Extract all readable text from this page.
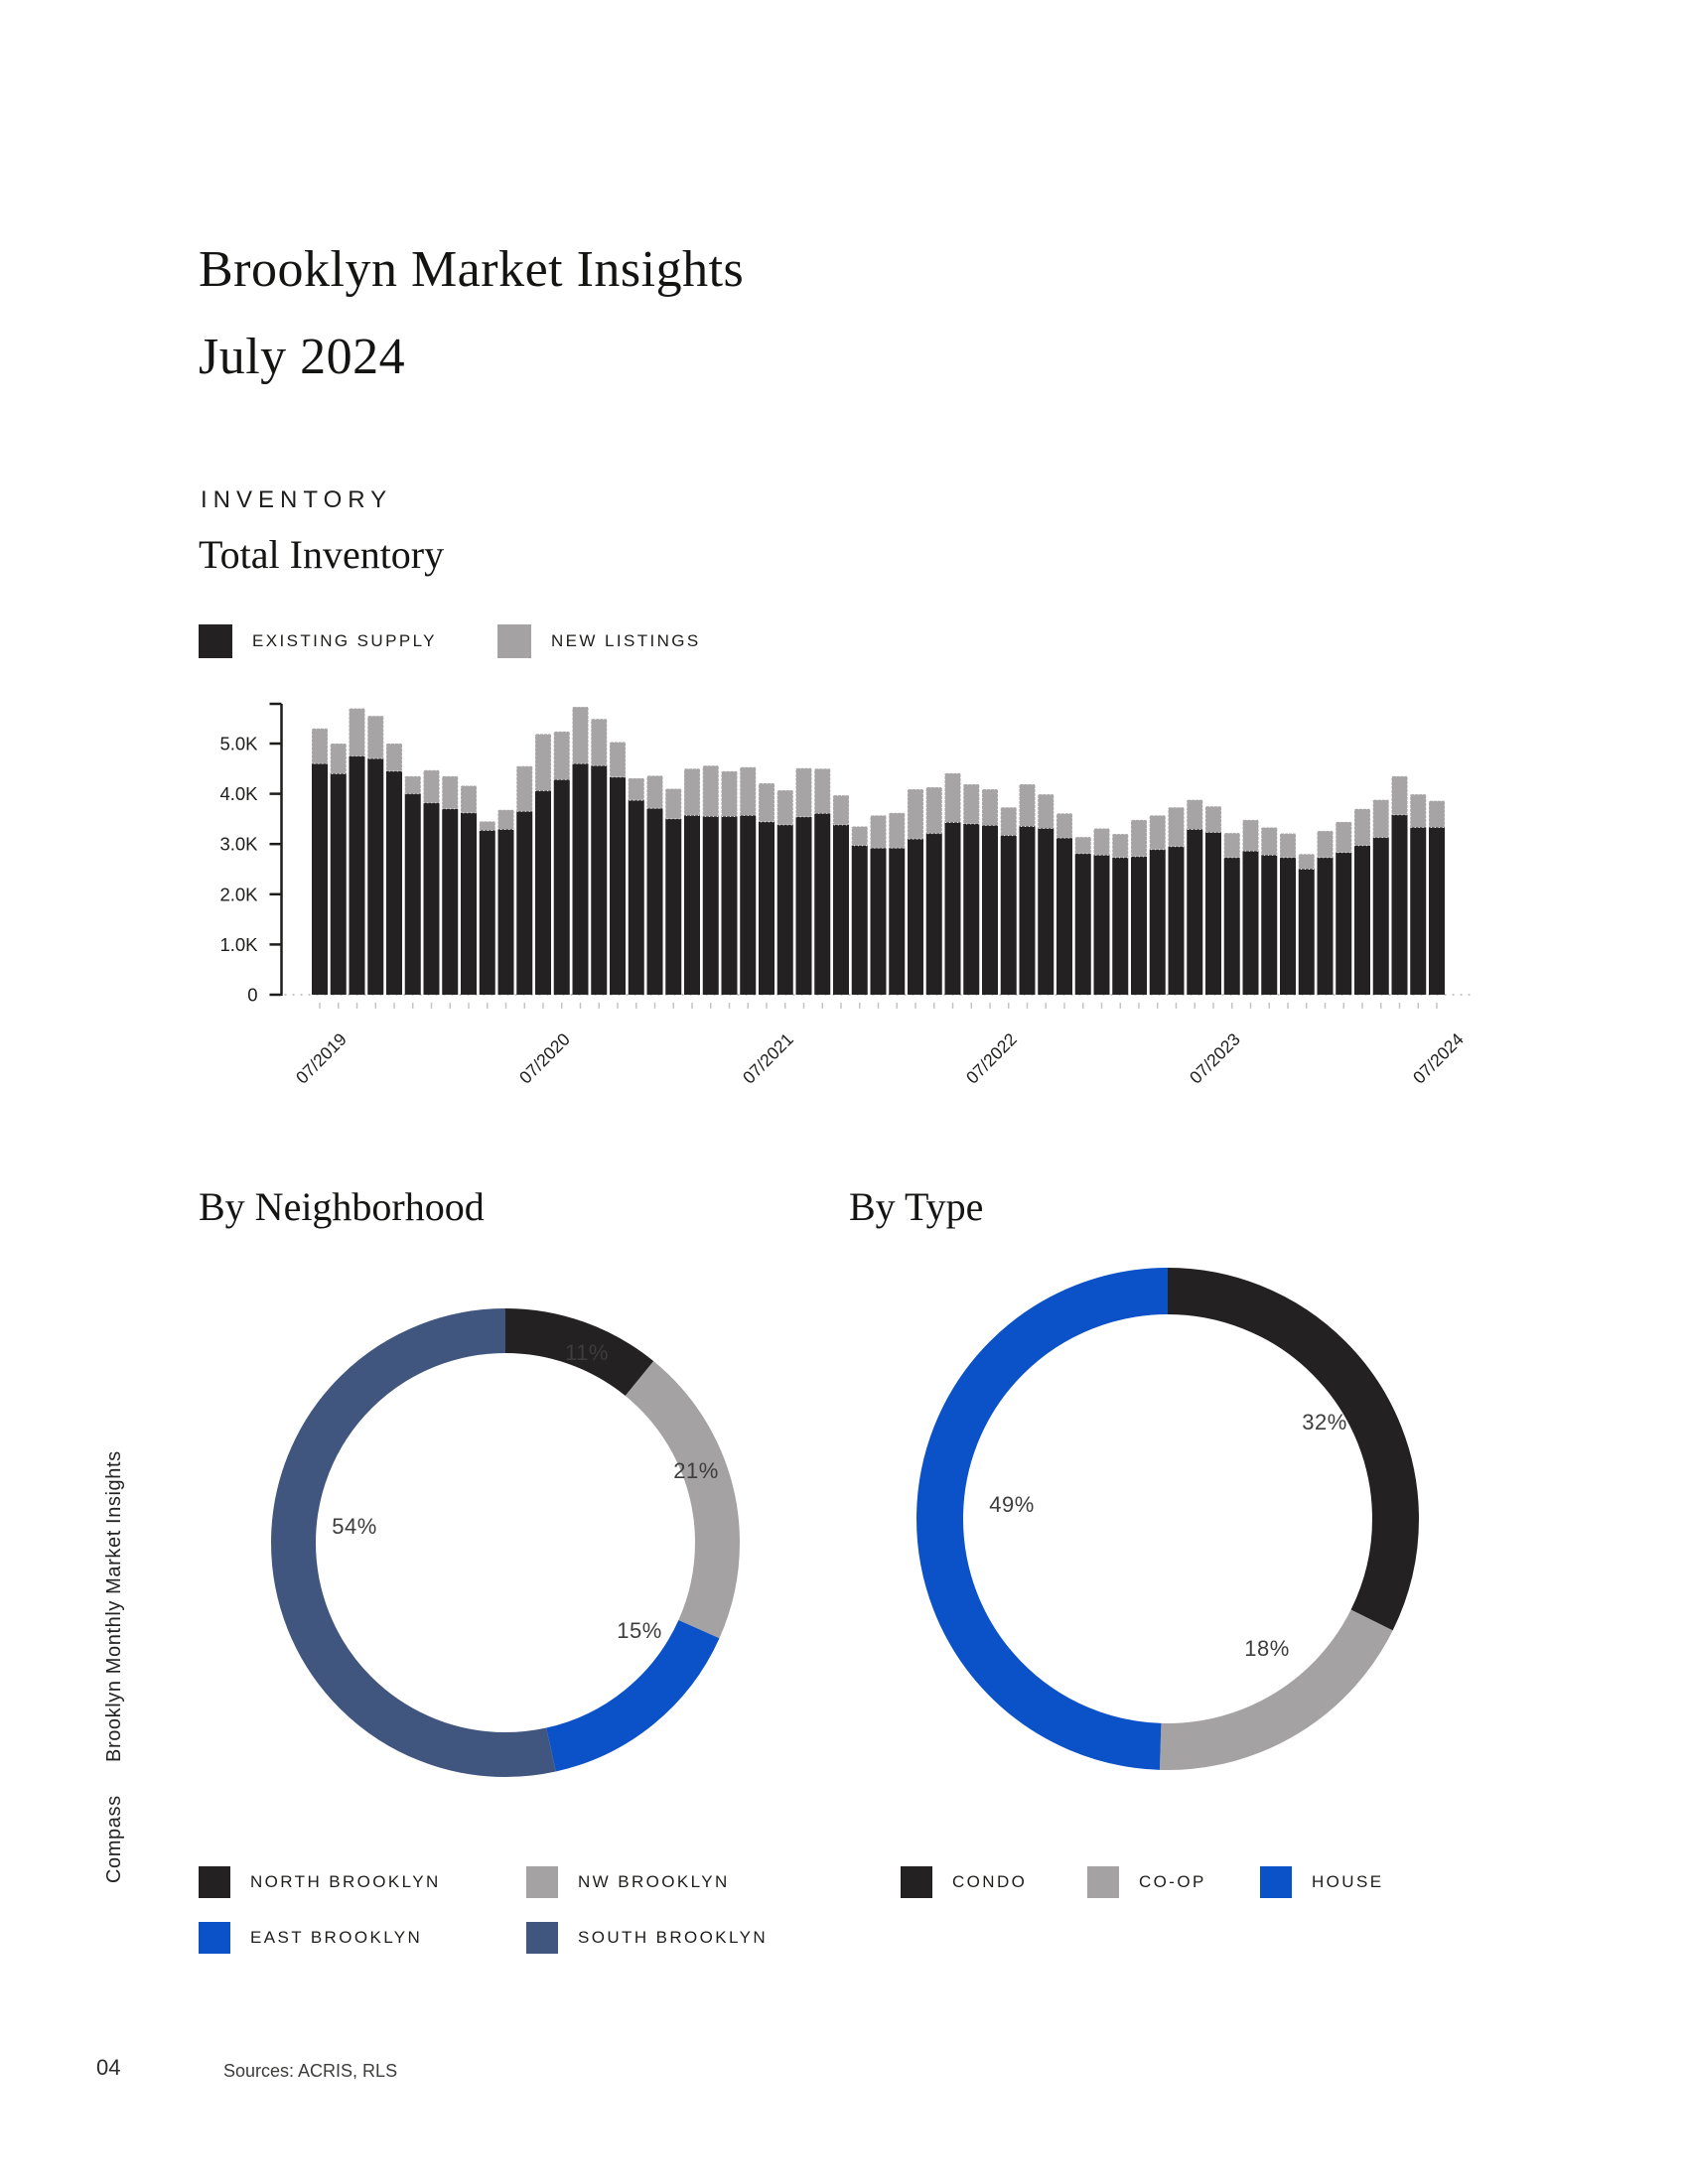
Brooklyn Market Insights
July 2024
INVENTORY
Total Inventory
EXISTING SUPPLY	NEW LISTINGS
0
1.0K
2.0K
3.0K
4.0K
5.0K
07/2019	07/2020	07/2021	07/2022	07/2023	07/2024
By Neighborhood	By Type
Brooklyn Monthly Market Insights
Compass
04	Sources: ACRIS, RLS
11%
21%
15%
54%
32%
18%
49%
NORTH BROOKLYN	NW BROOKLYN
EAST BROOKLYN	SOUTH BROOKLYN
CONDO	CO-OP	HOUSE
